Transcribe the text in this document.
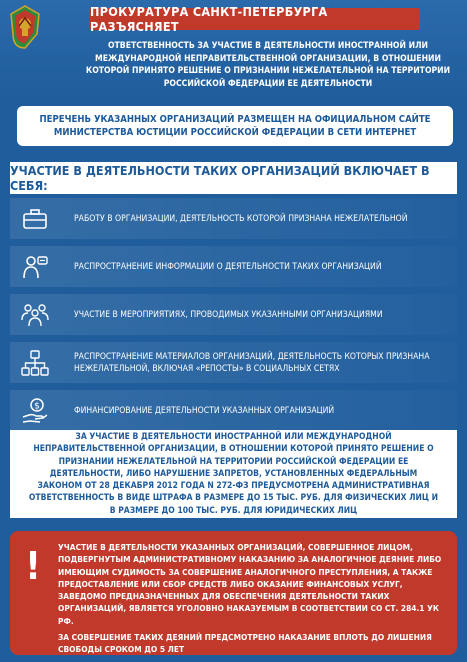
ПРОКУРАТУРА САНКТ-ПЕТЕРБУРГА РАЗЪЯСНЯЕТ
ОТВЕТСТВЕННОСТЬ ЗА УЧАСТИЕ В ДЕЯТЕЛЬНОСТИ ИНОСТРАННОЙ ИЛИ МЕЖДУНАРОДНОЙ НЕПРАВИТЕЛЬСТВЕННОЙ ОРГАНИЗАЦИИ, В ОТНОШЕНИИ КОТОРОЙ ПРИНЯТО РЕШЕНИЕ О ПРИЗНАНИИ НЕЖЕЛАТЕЛЬНОЙ НА ТЕРРИТОРИИ РОССИЙСКОЙ ФЕДЕРАЦИИ ЕЕ ДЕЯТЕЛЬНОСТИ
ПЕРЕЧЕНЬ УКАЗАННЫХ ОРГАНИЗАЦИЙ РАЗМЕЩЕН НА ОФИЦИАЛЬНОМ САЙТЕ МИНИСТЕРСТВА ЮСТИЦИИ РОССИЙСКОЙ ФЕДЕРАЦИИ В СЕТИ ИНТЕРНЕТ
УЧАСТИЕ В ДЕЯТЕЛЬНОСТИ ТАКИХ ОРГАНИЗАЦИЙ ВКЛЮЧАЕТ В СЕБЯ:
РАБОТУ В ОРГАНИЗАЦИИ, ДЕЯТЕЛЬНОСТЬ КОТОРОЙ ПРИЗНАНА НЕЖЕЛАТЕЛЬНОЙ
РАСПРОСТРАНЕНИЕ ИНФОРМАЦИИ О ДЕЯТЕЛЬНОСТИ ТАКИХ ОРГАНИЗАЦИЙ
УЧАСТИЕ В МЕРОПРИЯТИЯХ, ПРОВОДИМЫХ УКАЗАННЫМИ ОРГАНИЗАЦИЯМИ
РАСПРОСТРАНЕНИЕ МАТЕРИАЛОВ ОРГАНИЗАЦИЙ, ДЕЯТЕЛЬНОСТЬ КОТОРЫХ ПРИЗНАНА НЕЖЕЛАТЕЛЬНОЙ, ВКЛЮЧАЯ «РЕПОСТЫ» В СОЦИАЛЬНЫХ СЕТЯХ
$	ФИНАНСИРОВАНИЕ ДЕЯТЕЛЬНОСТИ УКАЗАННЫХ ОРГАНИЗАЦИЙ
ЗА УЧАСТИЕ В ДЕЯТЕЛЬНОСТИ ИНОСТРАННОЙ ИЛИ МЕЖДУНАРОДНОЙ НЕПРАВИТЕЛЬСТВЕННОЙ ОРГАНИЗАЦИИ, В ОТНОШЕНИИ КОТОРОЙ ПРИНЯТО РЕШЕНИЕ О ПРИЗНАНИИ НЕЖЕЛАТЕЛЬНОЙ НА ТЕРРИТОРИИ РОССИЙСКОЙ ФЕДЕРАЦИИ ЕЕ ДЕЯТЕЛЬНОСТИ, ЛИБО НАРУШЕНИЕ ЗАПРЕТОВ, УСТАНОВЛЕННЫХ ФЕДЕРАЛЬНЫМ ЗАКОНОМ ОТ 28 ДЕКАБРЯ 2012 ГОДА N 272-ФЗ ПРЕДУСМОТРЕНА АДМИНИСТРАТИВНАЯ ОТВЕТСТВЕННОСТЬ В ВИДЕ ШТРАФА В РАЗМЕРЕ ДО 15 ТЫС. РУБ. ДЛЯ ФИЗИЧЕСКИХ ЛИЦ И В РАЗМЕРЕ ДО 100 ТЫС. РУБ. ДЛЯ ЮРИДИЧЕСКИХ ЛИЦ
!	УЧАСТИЕ В ДЕЯТЕЛЬНОСТИ УКАЗАННЫХ ОРГАНИЗАЦИЙ, СОВЕРШЕННОЕ ЛИЦОМ, ПОДВЕРГНУТЫМ АДМИНИСТРАТИВНОМУ НАКАЗАНИЮ ЗА АНАЛОГИЧНОЕ ДЕЯНИЕ ЛИБО ИМЕЮЩИМ СУДИМОСТЬ ЗА СОВЕРШЕНИЕ АНАЛОГИЧНОГО ПРЕСТУПЛЕНИЯ, А ТАКЖЕ ПРЕДОСТАВЛЕНИЕ ИЛИ СБОР СРЕДСТВ ЛИБО ОКАЗАНИЕ ФИНАНСОВЫХ УСЛУГ, ЗАВЕДОМО ПРЕДНАЗНАЧЕННЫХ ДЛЯ ОБЕСПЕЧЕНИЯ ДЕЯТЕЛЬНОСТИ ТАКИХ ОРГАНИЗАЦИЙ, ЯВЛЯЕТСЯ УГОЛОВНО НАКАЗУЕМЫМ В СООТВЕТСТВИИ СО СТ. 284.1 УК РФ.

ЗА СОВЕРШЕНИЕ ТАКИХ ДЕЯНИЙ ПРЕДСМОТРЕНО НАКАЗАНИЕ ВПЛОТЬ ДО ЛИШЕНИЯ СВОБОДЫ СРОКОМ ДО 5 ЛЕТ
